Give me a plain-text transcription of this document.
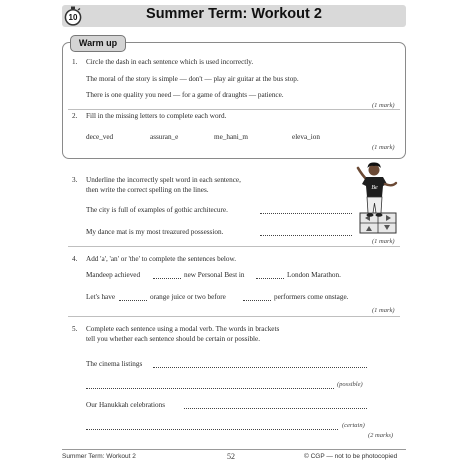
10	Summer Term: Workout 2
Warm up
1. Circle the dash in each sentence which is used incorrectly.
The moral of the story is simple — don't — play air guitar at the bus stop.
There is one quality you need — for a game of draughts — patience.
(1 mark)
2. Fill in the missing letters to complete each word.
dece_ved	assuran_e	me_hani_m	eleva_ion
(1 mark)
3. Underline the incorrectly spelt word in each sentence,
then write the correct spelling on the lines.
The city is full of examples of gothic architecure.
My dance mat is my most treazured possession.
(1 mark)
Be
4. Add 'a', 'an' or 'the' to complete the sentences below.
Mandeep achieved	new Personal Best in	London Marathon.
Let's have	orange juice or two before	performers come onstage.
(1 mark)
5. Complete each sentence using a modal verb. The words in brackets
tell you whether each sentence should be certain or possible.
The cinema listings
(possible)
Our Hanukkah celebrations
(certain)
(2 marks)
Summer Term: Workout 2	52	© CGP — not to be photocopied
